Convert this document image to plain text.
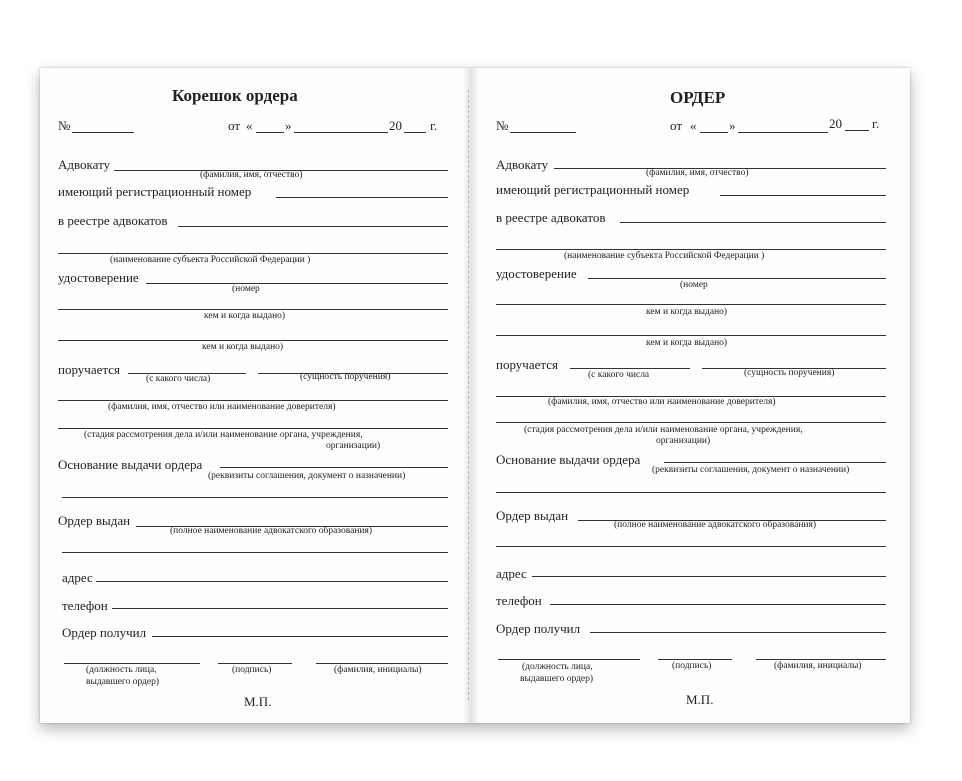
Корешок ордера
№	от «	»	20 г.
Адвокату
(фамилия, имя, отчество)
имеющий регистрационный номер
в реестре адвокатов
(наименование субъекта Российской Федерации )
удостоверение
(номер
кем и когда выдано)
кем и когда выдано)
поручается
(с какого числа)	(сущность поручения)
(фамилия, имя, отчество или наименование доверителя)
(стадия рассмотрения дела и/или наименование органа, учреждения,
организации)
Основание выдачи ордера
(реквизиты соглашения, документ о назначении)
Ордер выдан
(полное наименование адвокатского образования)
адрес
телефон
Ордер получил
(должность лица,
выдавшего ордер)
(подпись)	(фамилия, инициалы)
М.П.
ОРДЕР
№	от «	»	20 г.
Адвокату
(фамилия, имя, отчество)
имеющий регистрационный номер
в реестре адвокатов
(наименование субъекта Российской Федерации )
удостоверение
(номер
кем и когда выдано)
кем и когда выдано)
поручается
(с какого числа	(сущность поручения)
(фамилия, имя, отчество или наименование доверителя)
(стадия рассмотрения дела и/или наименование органа, учреждения,
организации)
Основание выдачи ордера
(реквизиты соглашения, документ о назначении)
Ордер выдан
(полное наименование адвокатского образования)
адрес
телефон
Ордер получил
(должность лица,
выдавшего ордер)
(подпись)	(фамилия, инициалы)
М.П.
